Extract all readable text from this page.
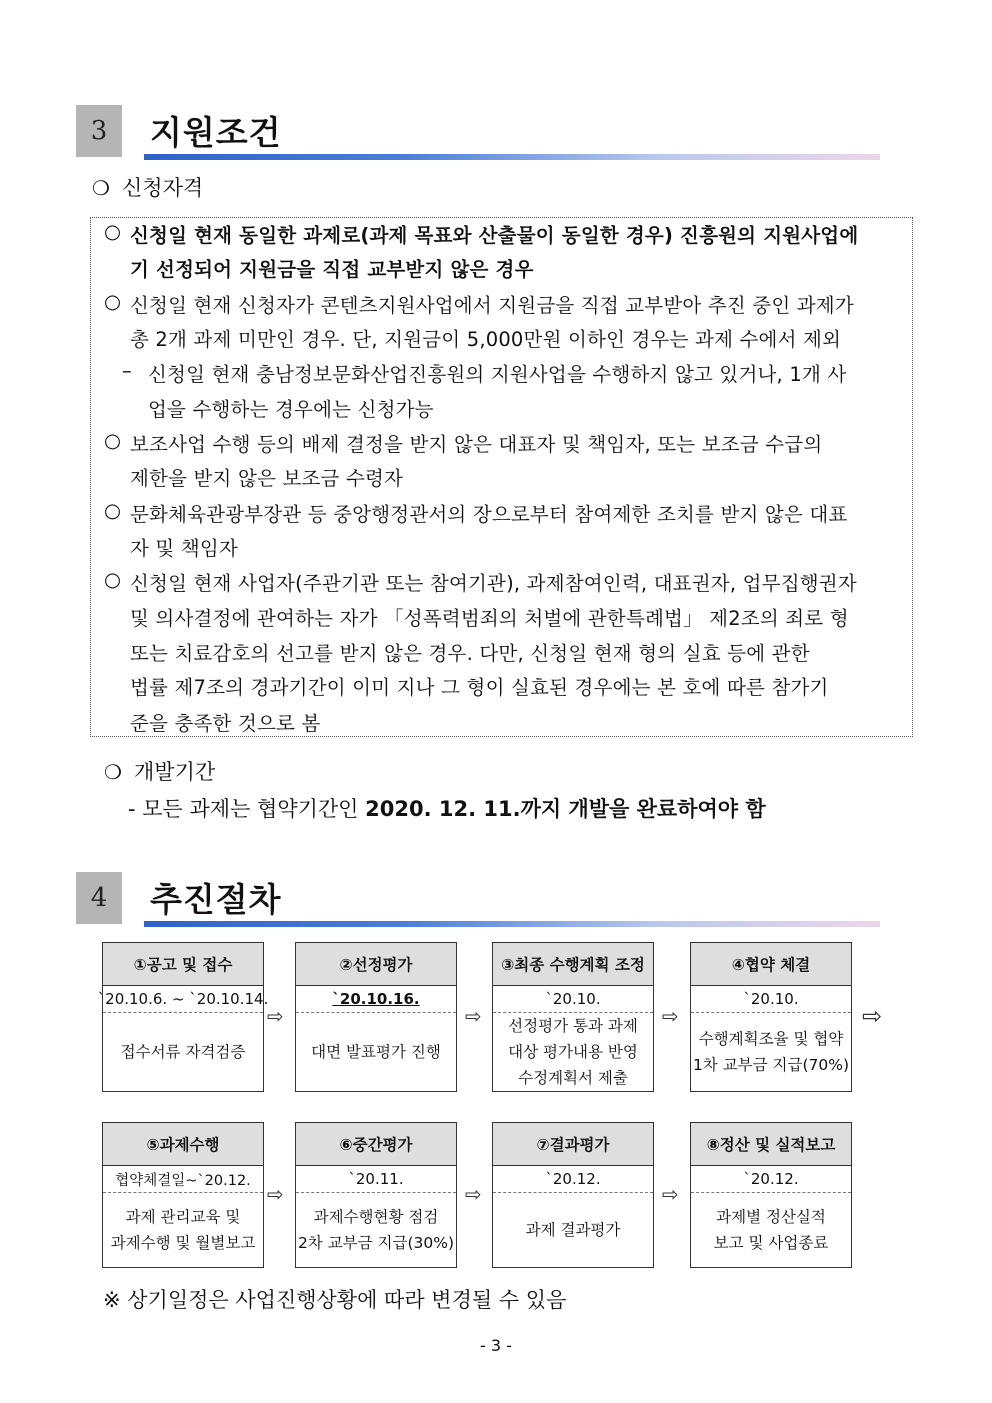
3	지원조건
❍ 신청자격
○ 신청일 현재 동일한 과제로(과제 목표와 산출물이 동일한 경우) 진흥원의 지원사업에
기 선정되어 지원금을 직접 교부받지 않은 경우
○ 신청일 현재 신청자가 콘텐츠지원사업에서 지원금을 직접 교부받아 추진 중인 과제가
총 2개 과제 미만인 경우. 단, 지원금이 5,000만원 이하인 경우는 과제 수에서 제외
– 신청일 현재 충남정보문화산업진흥원의 지원사업을 수행하지 않고 있거나, 1개 사
업을 수행하는 경우에는 신청가능
○ 보조사업 수행 등의 배제 결정을 받지 않은 대표자 및 책임자, 또는 보조금 수급의
제한을 받지 않은 보조금 수령자
○ 문화체육관광부장관 등 중앙행정관서의 장으로부터 참여제한 조치를 받지 않은 대표
자 및 책임자
○ 신청일 현재 사업자(주관기관 또는 참여기관), 과제참여인력, 대표권자, 업무집행권자
및 의사결정에 관여하는 자가 「성폭력범죄의 처벌에 관한특례법」 제2조의 죄로 형
또는 치료감호의 선고를 받지 않은 경우. 다만, 신청일 현재 형의 실효 등에 관한
법률 제7조의 경과기간이 이미 지나 그 형이 실효된 경우에는 본 호에 따른 참가기
준을 충족한 것으로 봄
❍ 개발기간
- 모든 과제는 협약기간인 2020. 12. 11.까지 개발을 완료하여야 함
4	추진절차
①공고 및 접수
`20.10.6. ~ `20.10.14.
접수서류 자격검증
⇨
②선정평가
`20.10.16.
대면 발표평가 진행
⇨
③최종 수행계획 조정
`20.10.
선정평가 통과 과제
대상 평가내용 반영
수정계획서 제출
⇨
④협약 체결
`20.10.
수행계획조율 및 협약
1차 교부금 지급(70%)
⇨
⑤과제수행
협약체결일~`20.12.
과제 관리교육 및
과제수행 및 월별보고
⇨
⑥중간평가
`20.11.
과제수행현황 점검
2차 교부금 지급(30%)
⇨
⑦결과평가
`20.12.
과제 결과평가
⇨
⑧정산 및 실적보고
`20.12.
과제별 정산실적
보고 및 사업종료
※ 상기일정은 사업진행상황에 따라 변경될 수 있음
- 3 -
